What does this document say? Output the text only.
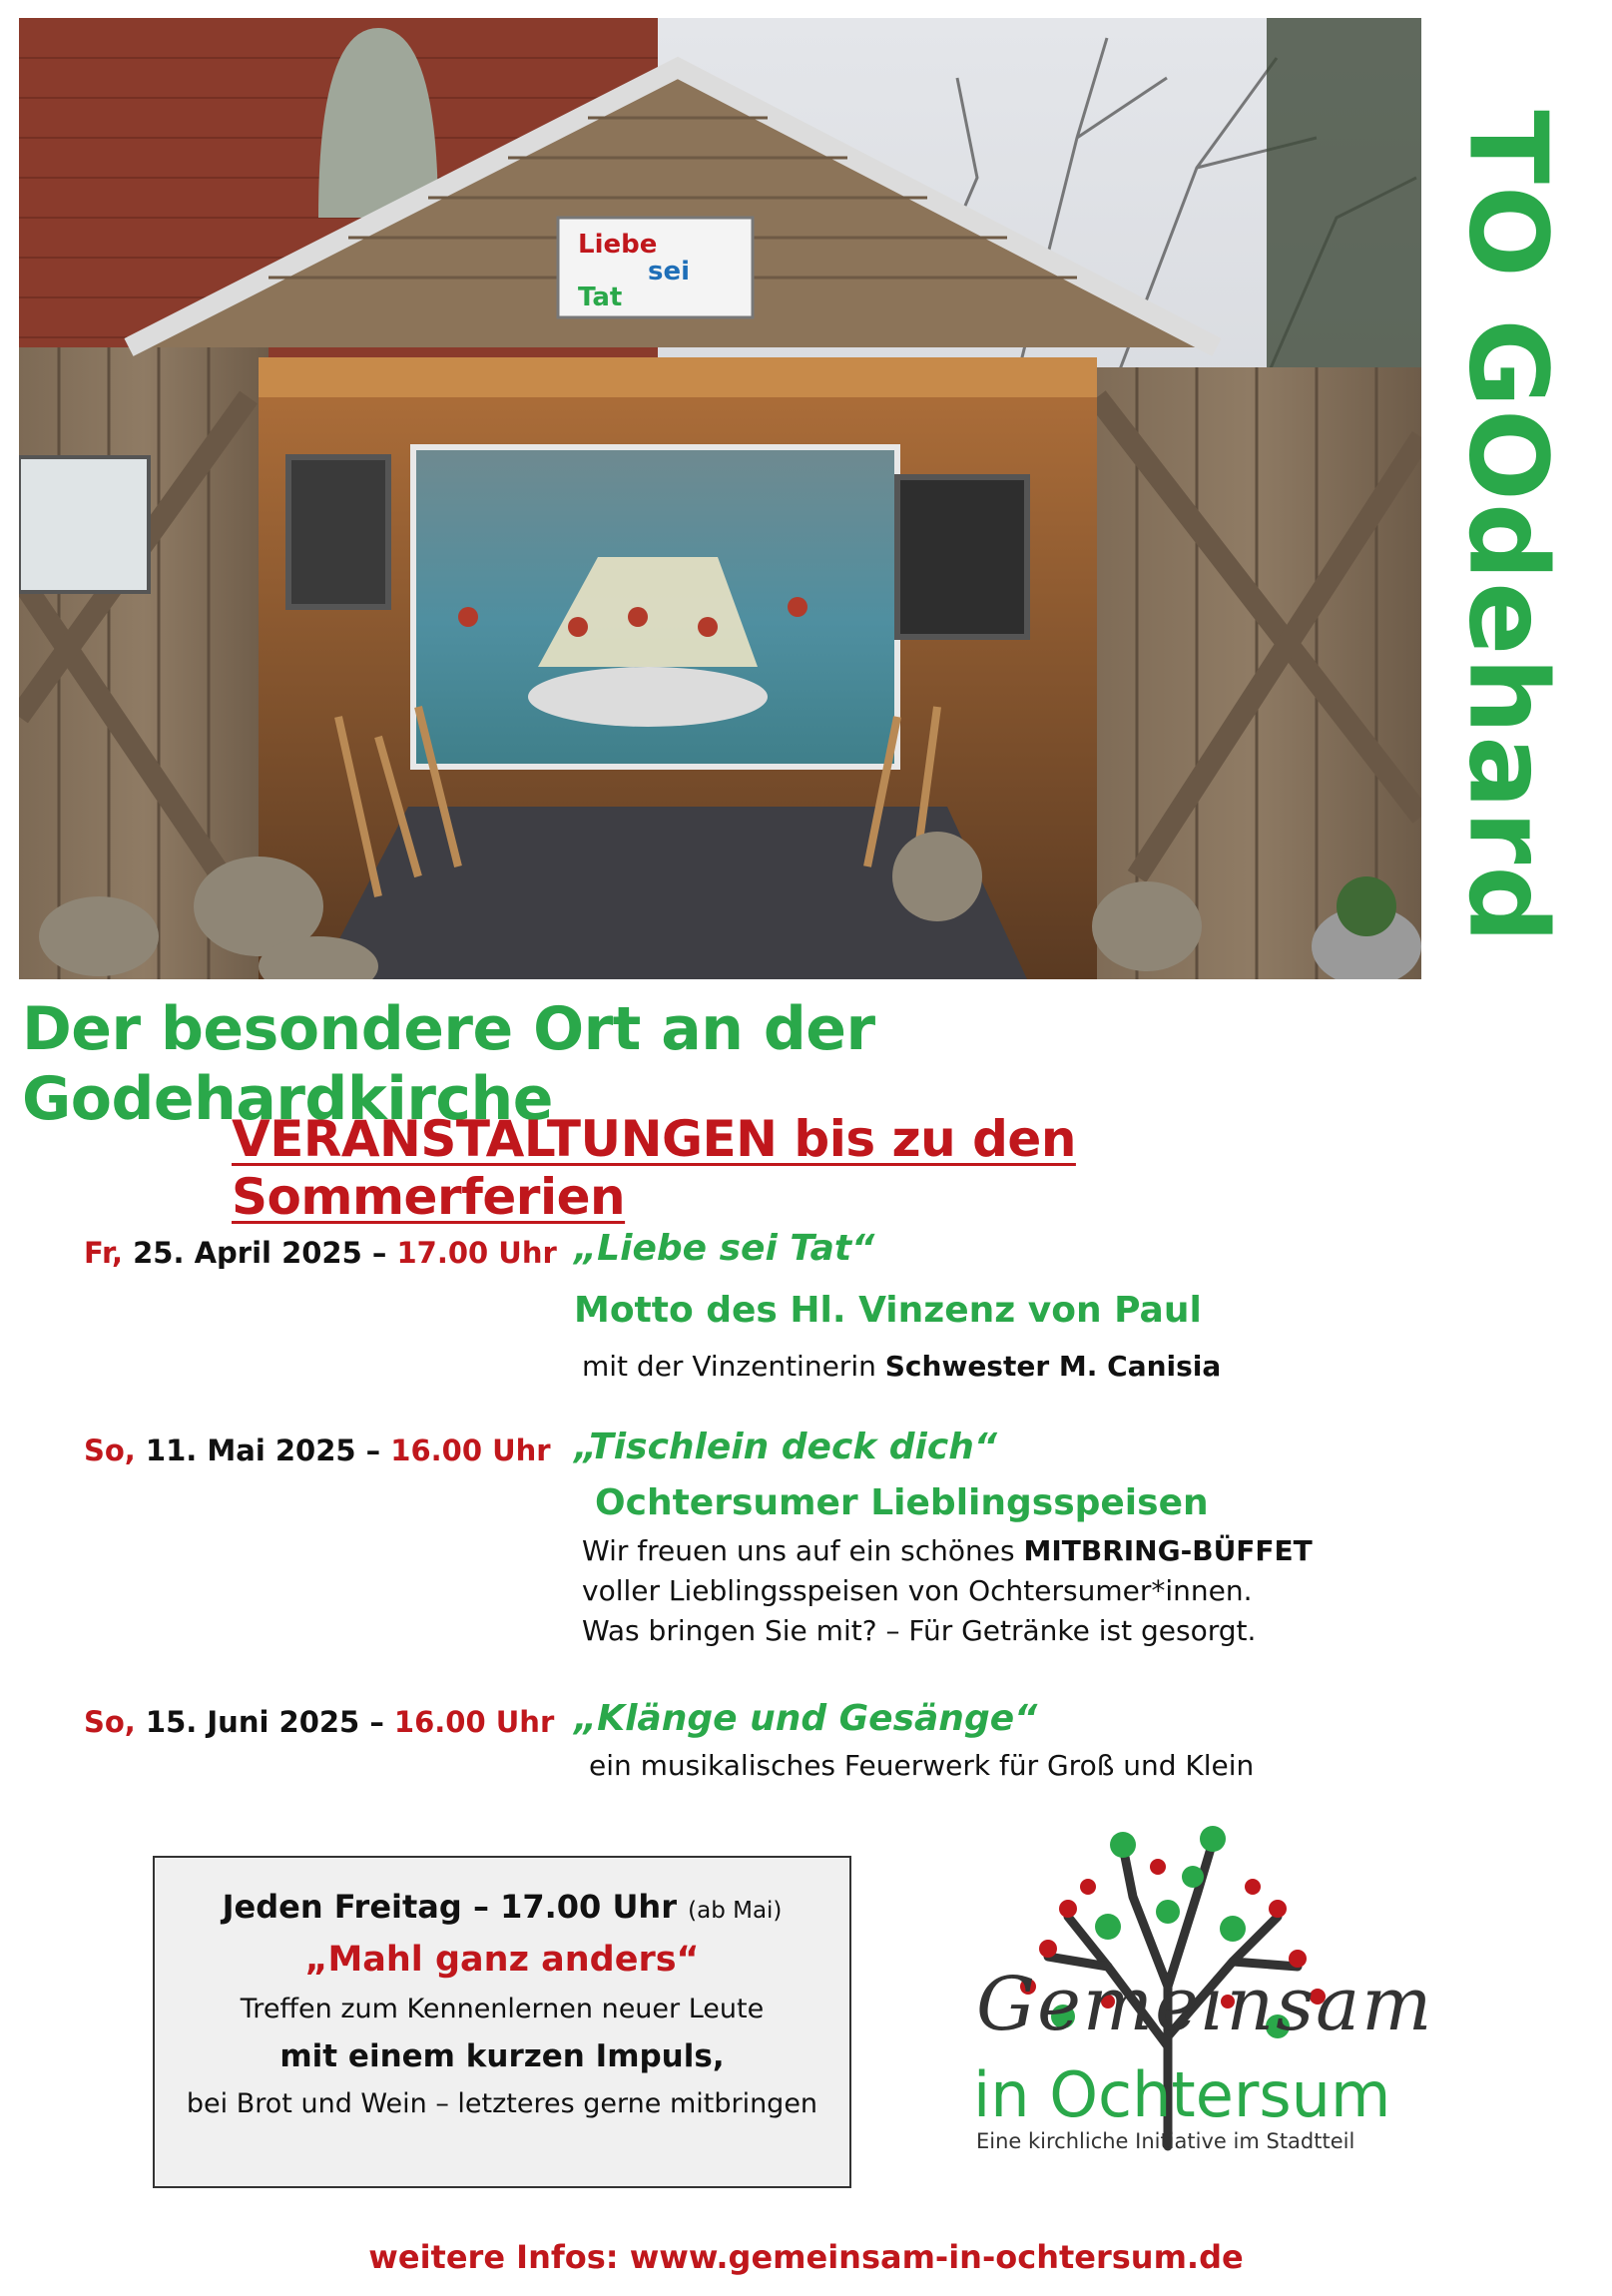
Liebe
sei
Tat	TO GOdehard
Der besondere Ort an der Godehardkirche
VERANSTALTUNGEN bis zu den Sommerferien
Fr, 25. April 2025 – 17.00 Uhr „Liebe sei Tat“
Motto des Hl. Vinzenz von Paul
mit der Vinzentinerin Schwester M. Canisia
So, 11. Mai 2025 – 16.00 Uhr „Tischlein deck dich“
Ochtersumer Lieblingsspeisen
Wir freuen uns auf ein schönes MITBRING-BÜFFET
voller Lieblingsspeisen von Ochtersumer*innen.
Was bringen Sie mit? – Für Getränke ist gesorgt.
So, 15. Juni 2025 – 16.00 Uhr „Klänge und Gesänge“
ein musikalisches Feuerwerk für Groß und Klein
Jeden Freitag – 17.00 Uhr (ab Mai)
„Mahl ganz anders“
Treffen zum Kennenlernen neuer Leute
mit einem kurzen Impuls,
bei Brot und Wein – letzteres gerne mitbringen
Gemeinsam
in Ochtersum
Eine kirchliche Initiative im Stadtteil
weitere Infos: www.gemeinsam-in-ochtersum.de
